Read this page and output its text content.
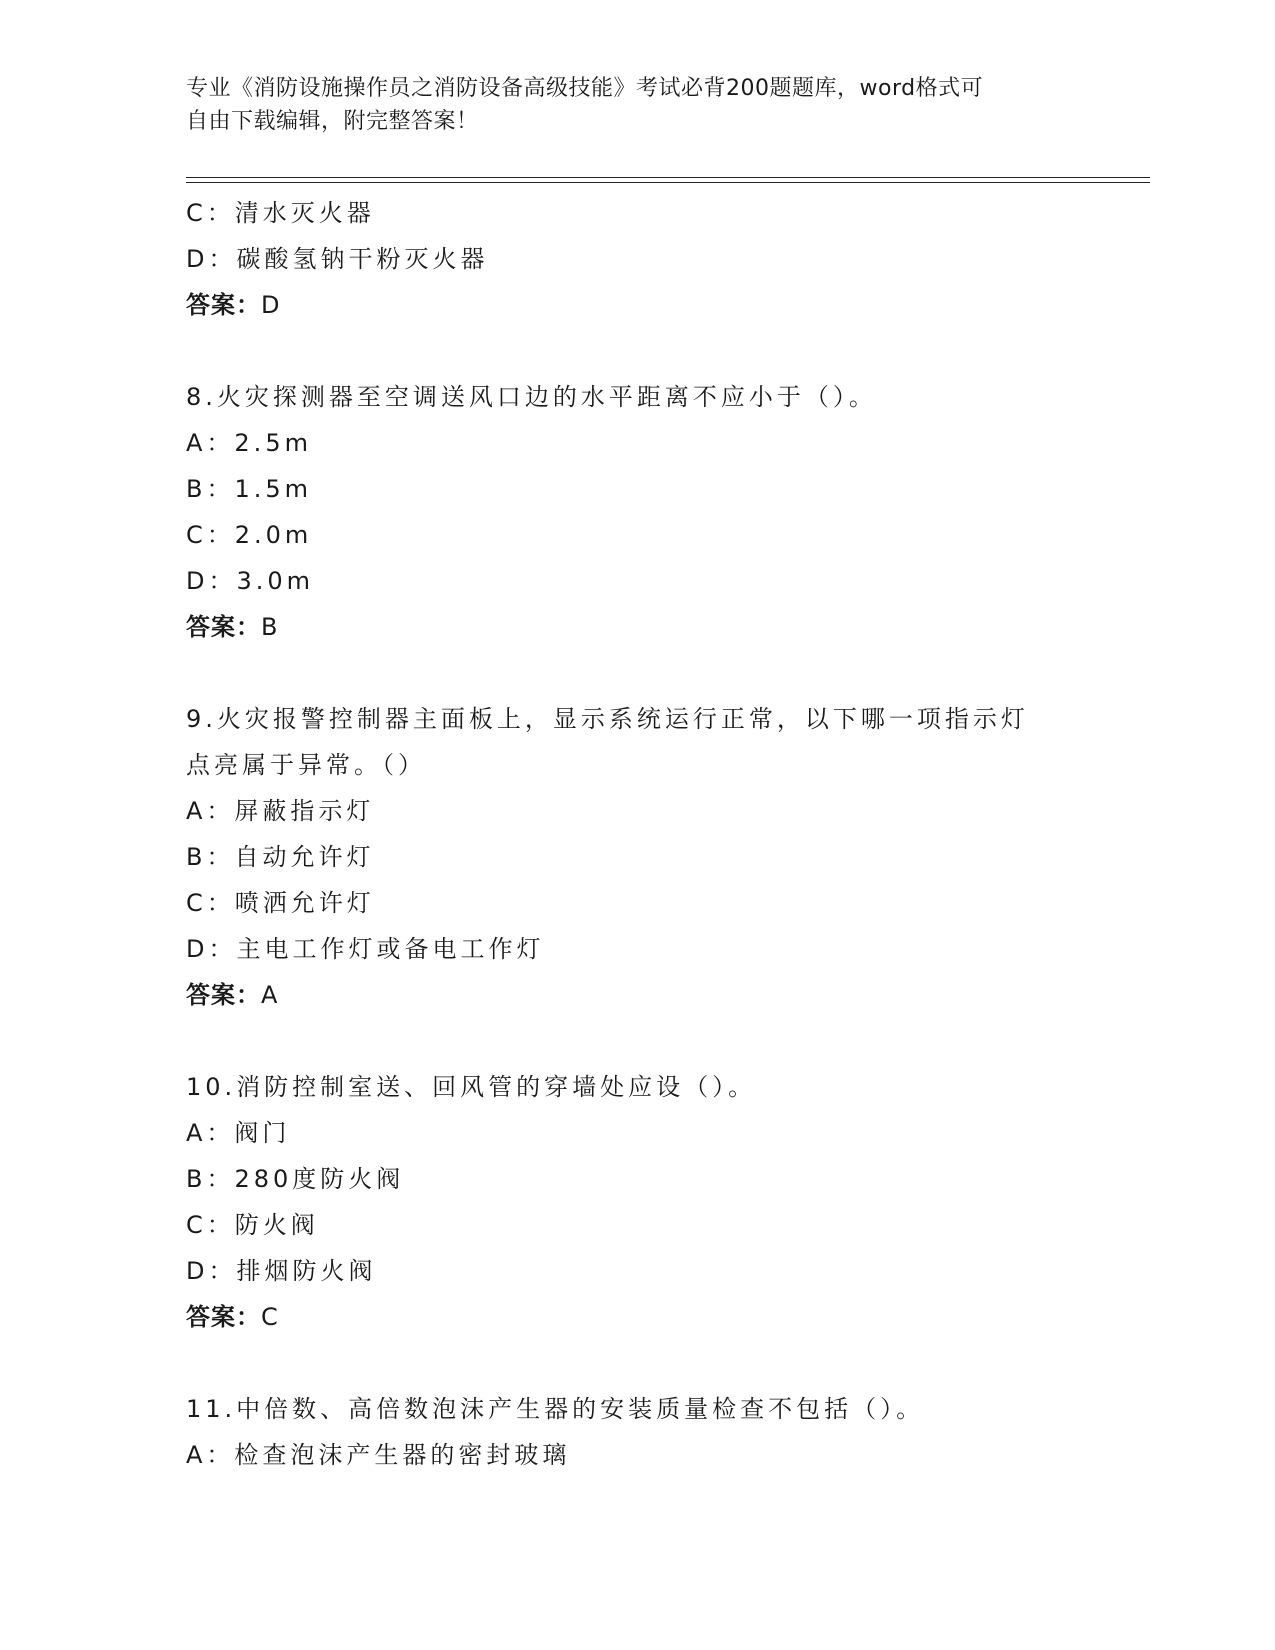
专业《消防设施操作员之消防设备高级技能》考试必背200题题库，word格式可
自由下载编辑，附完整答案！
C：清水灭火器
D：碳酸氢钠干粉灭火器
答案：D
8.火灾探测器至空调送风口边的水平距离不应小于（）。
A：2.5m
B：1.5m
C：2.0m
D：3.0m
答案：B
9.火灾报警控制器主面板上，显示系统运行正常，以下哪一项指示灯
点亮属于异常。（）
A：屏蔽指示灯
B：自动允许灯
C：喷洒允许灯
D：主电工作灯或备电工作灯
答案：A
10.消防控制室送、回风管的穿墙处应设（）。
A：阀门
B：280度防火阀
C：防火阀
D：排烟防火阀
答案：C
11.中倍数、高倍数泡沫产生器的安装质量检查不包括（）。
A：检查泡沫产生器的密封玻璃
